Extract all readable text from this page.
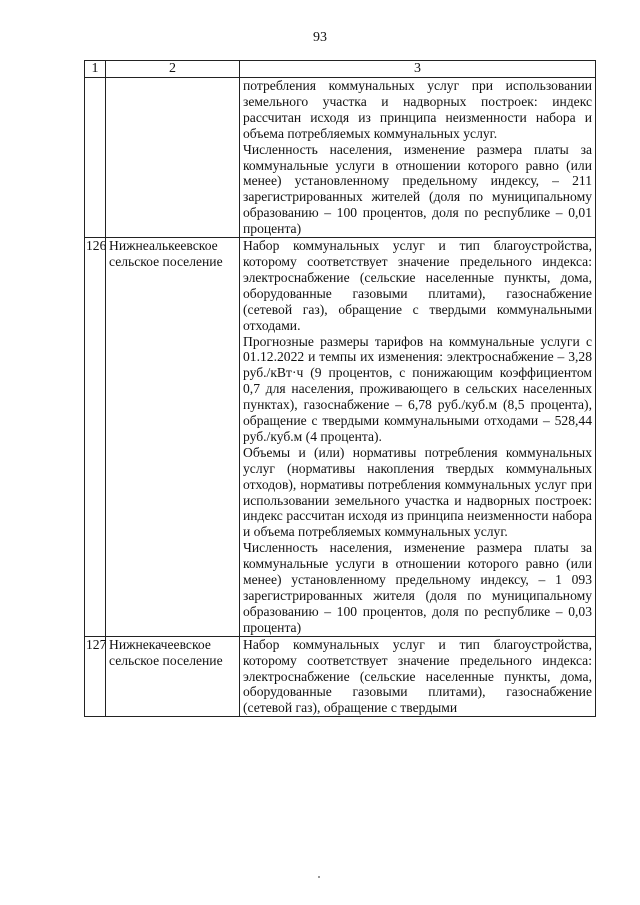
93
1	2	3

		потребления коммунальных услуг при использовании земельного участка и надворных построек: индекс рассчитан исходя из принципа неизменности набора и объема потребляемых коммунальных услуг.
Численность населения, изменение размера платы за коммунальные услуги в отношении которого равно (или менее) установленному предельному индексу, – 211 зарегистрированных жителей (доля по муниципальному образованию – 100 процентов, доля по республике – 0,01 процента)

126	Нижнеалькеевское сельское поселение	Набор коммунальных услуг и тип благоустройства, которому соответствует значение предельного индекса: электроснабжение (сельские населенные пункты, дома, оборудованные газовыми плитами), газоснабжение (сетевой газ), обращение с твердыми коммунальными отходами.
Прогнозные размеры тарифов на коммунальные услуги с 01.12.2022 и темпы их изменения: электроснабжение – 3,28 руб./кВт·ч (9 процентов, с понижающим коэффициентом 0,7 для населения, проживающего в сельских населенных пунктах), газоснабжение – 6,78 руб./куб.м (8,5 процента), обращение с твердыми коммунальными отходами – 528,44 руб./куб.м (4 процента).
Объемы и (или) нормативы потребления коммунальных услуг (нормативы накопления твердых коммунальных отходов), нормативы потребления коммунальных услуг при использовании земельного участка и надворных построек: индекс рассчитан исходя из принципа неизменности набора и объема потребляемых коммунальных услуг.
Численность населения, изменение размера платы за коммунальные услуги в отношении которого равно (или менее) установленному предельному индексу, – 1 093 зарегистрированных жителя (доля по муниципальному образованию – 100 процентов, доля по республике – 0,03 процента)

127	Нижнекачеевское сельское поселение	Набор коммунальных услуг и тип благоустройства, которому соответствует значение предельного индекса: электроснабжение (сельские населенные пункты, дома, оборудованные газовыми плитами), газоснабжение (сетевой газ), обращение с твердыми
